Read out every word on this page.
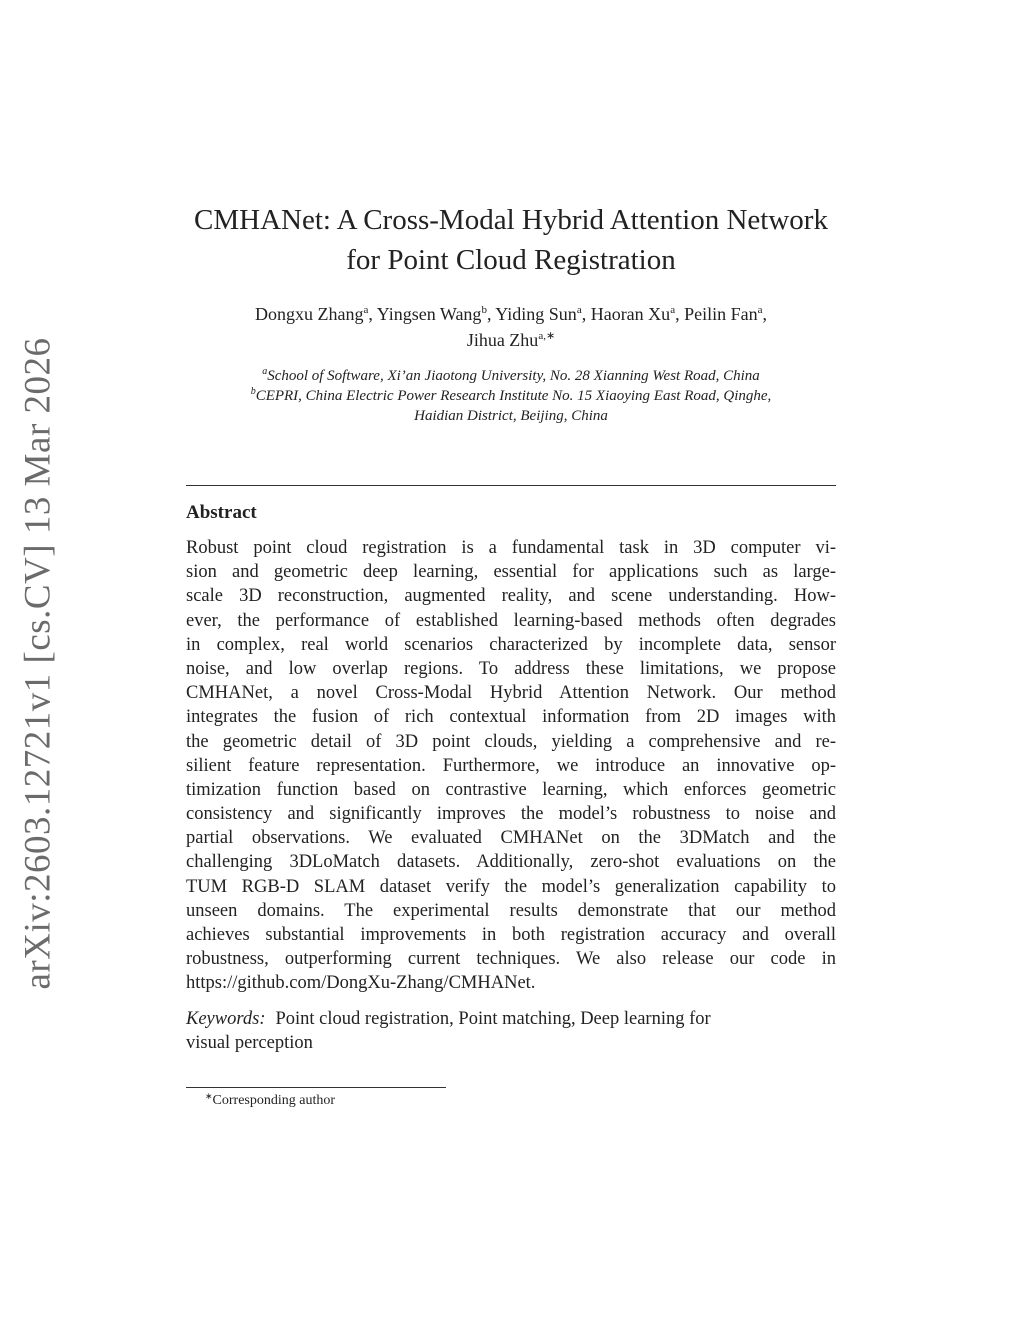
arXiv:2603.12721v1 [cs.CV] 13 Mar 2026
CMHANet: A Cross-Modal Hybrid Attention Network
for Point Cloud Registration
Dongxu Zhang$^a$, Yingsen Wang$^b$, Yiding Sun$^a$, Haoran Xu$^a$, Peilin Fan$^a$,
Jihua Zhu$^{a,∗}$
$^a$School of Software, Xi’an Jiaotong University, No. 28 Xianning West Road, China
$^b$CEPRI, China Electric Power Research Institute No. 15 Xiaoying East Road, Qinghe,
Haidian District, Beijing, China
Abstract
Robust point cloud registration is a fundamental task in 3D computer vi-
sion and geometric deep learning, essential for applications such as large-
scale 3D reconstruction, augmented reality, and scene understanding. How-
ever, the performance of established learning-based methods often degrades
in complex, real world scenarios characterized by incomplete data, sensor
noise, and low overlap regions. To address these limitations, we propose
CMHANet, a novel Cross-Modal Hybrid Attention Network. Our method
integrates the fusion of rich contextual information from 2D images with
the geometric detail of 3D point clouds, yielding a comprehensive and re-
silient feature representation. Furthermore, we introduce an innovative op-
timization function based on contrastive learning, which enforces geometric
consistency and significantly improves the model’s robustness to noise and
partial observations. We evaluated CMHANet on the 3DMatch and the
challenging 3DLoMatch datasets. Additionally, zero-shot evaluations on the
TUM RGB-D SLAM dataset verify the model’s generalization capability to
unseen domains. The experimental results demonstrate that our method
achieves substantial improvements in both registration accuracy and overall
robustness, outperforming current techniques. We also release our code in
https://github.com/DongXu-Zhang/CMHANet.
Keywords: Point cloud registration, Point matching, Deep learning for
visual perception
∗Corresponding author
